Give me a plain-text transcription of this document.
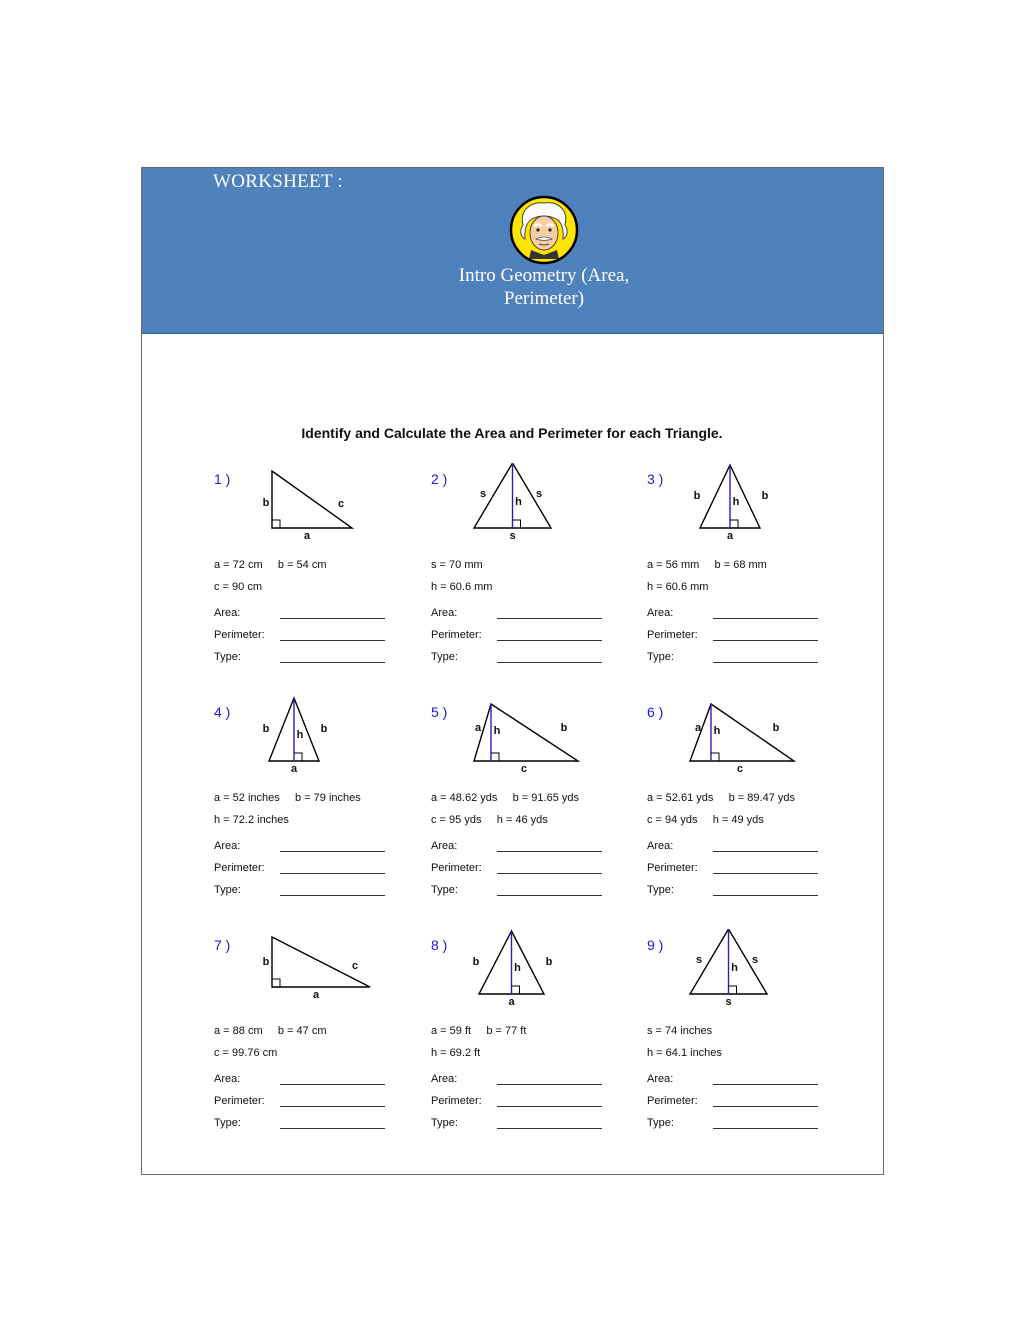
WORKSHEET :
Intro Geometry (Area,
Perimeter)
Identify and Calculate the Area and Perimeter for each Triangle.
1 )
b	c
a
a = 72 cm     b = 54 cm
c = 90 cm
Area:
Perimeter:
Type:
2 )
s	s
h
s
s = 70 mm
h = 60.6 mm
Area:
Perimeter:
Type:
3 )
b	b
h
a
a = 56 mm     b = 68 mm
h = 60.6 mm
Area:
Perimeter:
Type:
4 )
b	b
h
a
a = 52 inches     b = 79 inches
h = 72.2 inches
Area:
Perimeter:
Type:
5 )
a	b
h
c
a = 48.62 yds     b = 91.65 yds
c = 95 yds     h = 46 yds
Area:
Perimeter:
Type:
6 )
a	b
h
c
a = 52.61 yds     b = 89.47 yds
c = 94 yds     h = 49 yds
Area:
Perimeter:
Type:
7 )
b	c
a
a = 88 cm     b = 47 cm
c = 99.76 cm
Area:
Perimeter:
Type:
8 )
b	b
h
a
a = 59 ft     b = 77 ft
h = 69.2 ft
Area:
Perimeter:
Type:
9 )
s	s
h
s
s = 74 inches
h = 64.1 inches
Area:
Perimeter:
Type:
